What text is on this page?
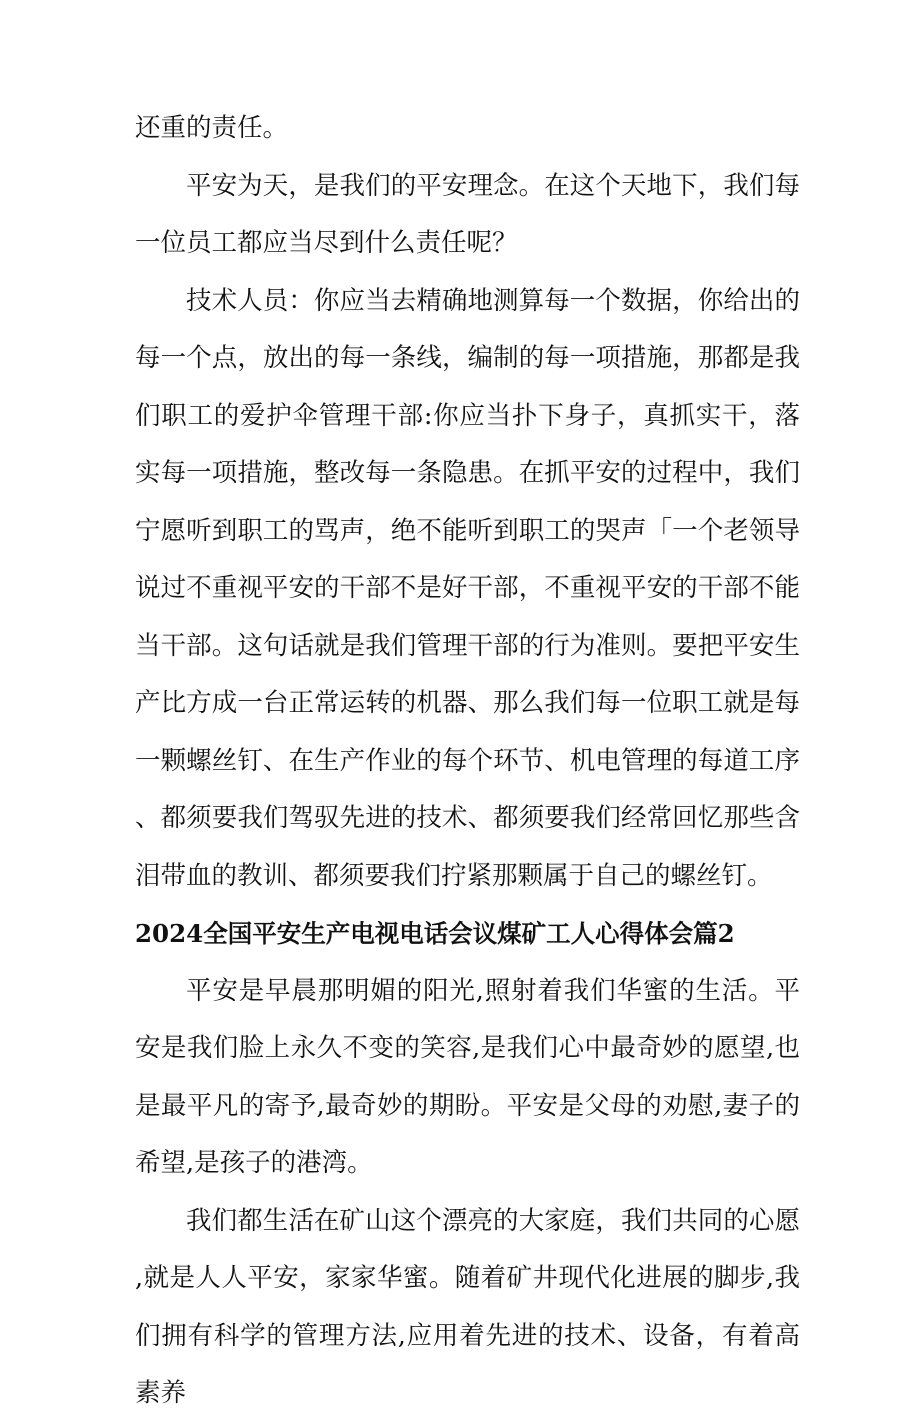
还重的责任。

平安为天，是我们的平安理念。在这个天地下，我们每一位员工都应当尽到什么责任呢？

技术人员：你应当去精确地测算每一个数据，你给出的每一个点，放出的每一条线，编制的每一项措施，那都是我们职工的爱护伞管理干部:你应当扑下身子，真抓实干，落实每一项措施，整改每一条隐患。在抓平安的过程中，我们宁愿听到职工的骂声，绝不能听到职工的哭声「一个老领导说过不重视平安的干部不是好干部，不重视平安的干部不能当干部。这句话就是我们管理干部的行为准则。要把平安生产比方成一台正常运转的机器、那么我们每一位职工就是每一颗螺丝钉、在生产作业的每个环节、机电管理的每道工序、都须要我们驾驭先进的技术、都须要我们经常回忆那些含泪带血的教训、都须要我们拧紧那颗属于自己的螺丝钉。

2024全国平安生产电视电话会议煤矿工人心得体会篇2

平安是早晨那明媚的阳光,照射着我们华蜜的生活。平安是我们脸上永久不变的笑容,是我们心中最奇妙的愿望,也是最平凡的寄予,最奇妙的期盼。平安是父母的劝慰,妻子的希望,是孩子的港湾。

我们都生活在矿山这个漂亮的大家庭，我们共同的心愿,就是人人平安，家家华蜜。随着矿井现代化进展的脚步,我们拥有科学的管理方法,应用着先进的技术、设备，有着高素养
